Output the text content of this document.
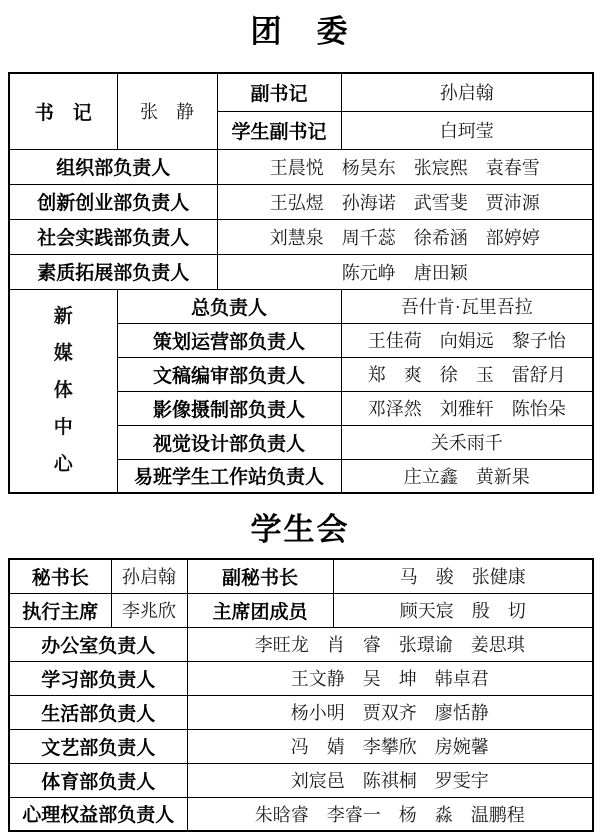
团　委
书　记	张　静	副书记	孙启翰
		学生副书记	白珂莹
组织部负责人		王晨悦　杨昊东　张宸熙　袁春雪	
创新创业部负责人		王弘煜　孙海诺　武雪斐　贾沛源	
社会实践部负责人		刘慧泉　周千蕊　徐希涵　部婷婷	
素质拓展部负责人		陈元峥　唐田颖	

新媒体中心	总负责人		吾什肯·瓦里吾拉
	策划运营部负责人		王佳荷　向娟远　黎子怡
	文稿编审部负责人		郑　爽　徐　玉　雷舒月
	影像摄制部负责人		邓泽然　刘雅轩　陈怡朵
	视觉设计部负责人		关禾雨千
	易班学生工作站负责人		庄立鑫　黄新果
学生会
秘书长	孙启翰	副秘书长	马　骏　张健康
执行主席	李兆欣	主席团成员	顾天宸　殷　切
办公室负责人		李旺龙　肖　睿　张璟谕　姜思琪	
学习部负责人		王文静　吴　坤　韩卓君	
生活部负责人		杨小明　贾双齐　廖恬静	
文艺部负责人		冯　婧　李攀欣　房婉馨	
体育部负责人		刘宸邑　陈祺桐　罗雯宇	
心理权益部负责人		朱晗睿　李睿一　杨　淼　温鹏程	
